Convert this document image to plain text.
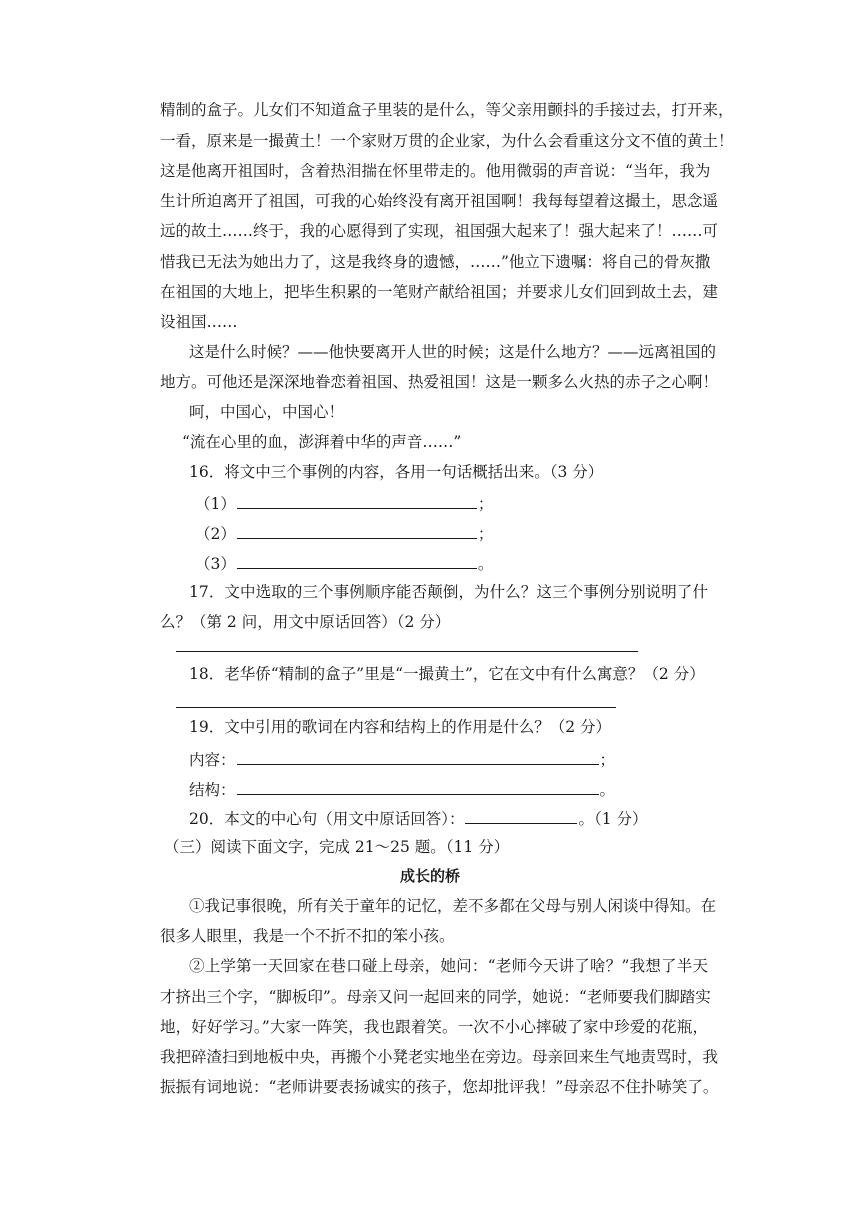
精制的盒子。儿女们不知道盒子里装的是什么，等父亲用颤抖的手接过去，打开来，
一看，原来是一撮黄土！一个家财万贯的企业家，为什么会看重这分文不值的黄土！
这是他离开祖国时，含着热泪揣在怀里带走的。他用微弱的声音说：“当年，我为
生计所迫离开了祖国，可我的心始终没有离开祖国啊！我每每望着这撮土，思念遥
远的故土……终于，我的心愿得到了实现，祖国强大起来了！强大起来了！……可
惜我已无法为她出力了，这是我终身的遗憾，……”他立下遗嘱：将自己的骨灰撒
在祖国的大地上，把毕生积累的一笔财产献给祖国；并要求儿女们回到故土去，建
设祖国……
这是什么时候？——他快要离开人世的时候；这是什么地方？——远离祖国的
地方。可他还是深深地眷恋着祖国、热爱祖国！这是一颗多么火热的赤子之心啊！
呵，中国心，中国心！
“流在心里的血，澎湃着中华的声音……”
16．将文中三个事例的内容，各用一句话概括出来。（3 分）
（1）	；
（2）	；
（3）	。
17．文中选取的三个事例顺序能否颠倒，为什么？这三个事例分别说明了什
么？（第 2 问，用文中原话回答）（2 分）
18．老华侨“精制的盒子”里是“一撮黄土”，它在文中有什么寓意？（2 分）
19．文中引用的歌词在内容和结构上的作用是什么？（2 分）
内容：	；
结构：	。
20．本文的中心句（用文中原话回答）：	。（1 分）
（三）阅读下面文字，完成 21～25 题。（11 分）
成长的桥
①我记事很晚，所有关于童年的记忆，差不多都在父母与别人闲谈中得知。在
很多人眼里，我是一个不折不扣的笨小孩。
②上学第一天回家在巷口碰上母亲，她问：“老师今天讲了啥？”我想了半天
才挤出三个字，“脚板印”。母亲又问一起回来的同学，她说：“老师要我们脚踏实
地，好好学习。”大家一阵笑，我也跟着笑。一次不小心摔破了家中珍爱的花瓶，
我把碎渣扫到地板中央，再搬个小凳老实地坐在旁边。母亲回来生气地责骂时，我
振振有词地说：“老师讲要表扬诚实的孩子，您却批评我！”母亲忍不住扑哧笑了。
